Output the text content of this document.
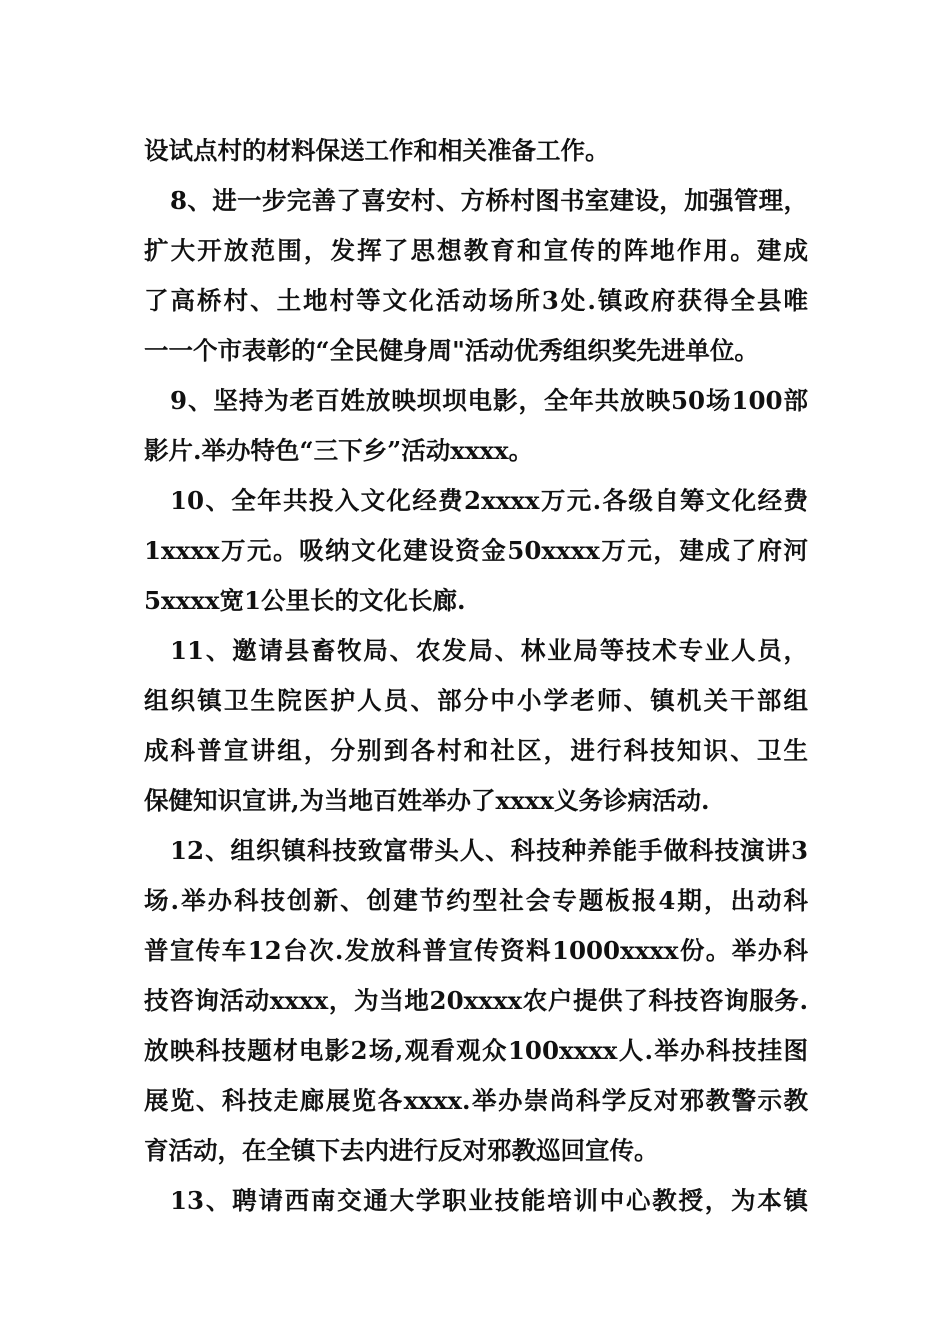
设试点村的材料保送工作和相关准备工作。
8、进一步完善了喜安村、方桥村图书室建设，加强管理，
扩大开放范围，发挥了思想教育和宣传的阵地作用。建成
了高桥村、土地村等文化活动场所3处.镇政府获得全县唯
一一个市表彰的“全民健身周"活动优秀组织奖先进单位。
9、坚持为老百姓放映坝坝电影，全年共放映50场100部
影片.举办特色“三下乡”活动xxxx。
10、全年共投入文化经费2xxxx万元.各级自筹文化经费
1xxxx万元。吸纳文化建设资金50xxxx万元，建成了府河
5xxxx宽1公里长的文化长廊.
11、邀请县畜牧局、农发局、林业局等技术专业人员，
组织镇卫生院医护人员、部分中小学老师、镇机关干部组
成科普宣讲组，分别到各村和社区，进行科技知识、卫生
保健知识宣讲,为当地百姓举办了xxxx义务诊病活动.
12、组织镇科技致富带头人、科技种养能手做科技演讲3
场.举办科技创新、创建节约型社会专题板报4期，出动科
普宣传车12台次.发放科普宣传资料1000xxxx份。举办科
技咨询活动xxxx，为当地20xxxx农户提供了科技咨询服务.
放映科技题材电影2场,观看观众100xxxx人.举办科技挂图
展览、科技走廊展览各xxxx.举办崇尚科学反对邪教警示教
育活动，在全镇下去内进行反对邪教巡回宣传。
13、聘请西南交通大学职业技能培训中心教授，为本镇
